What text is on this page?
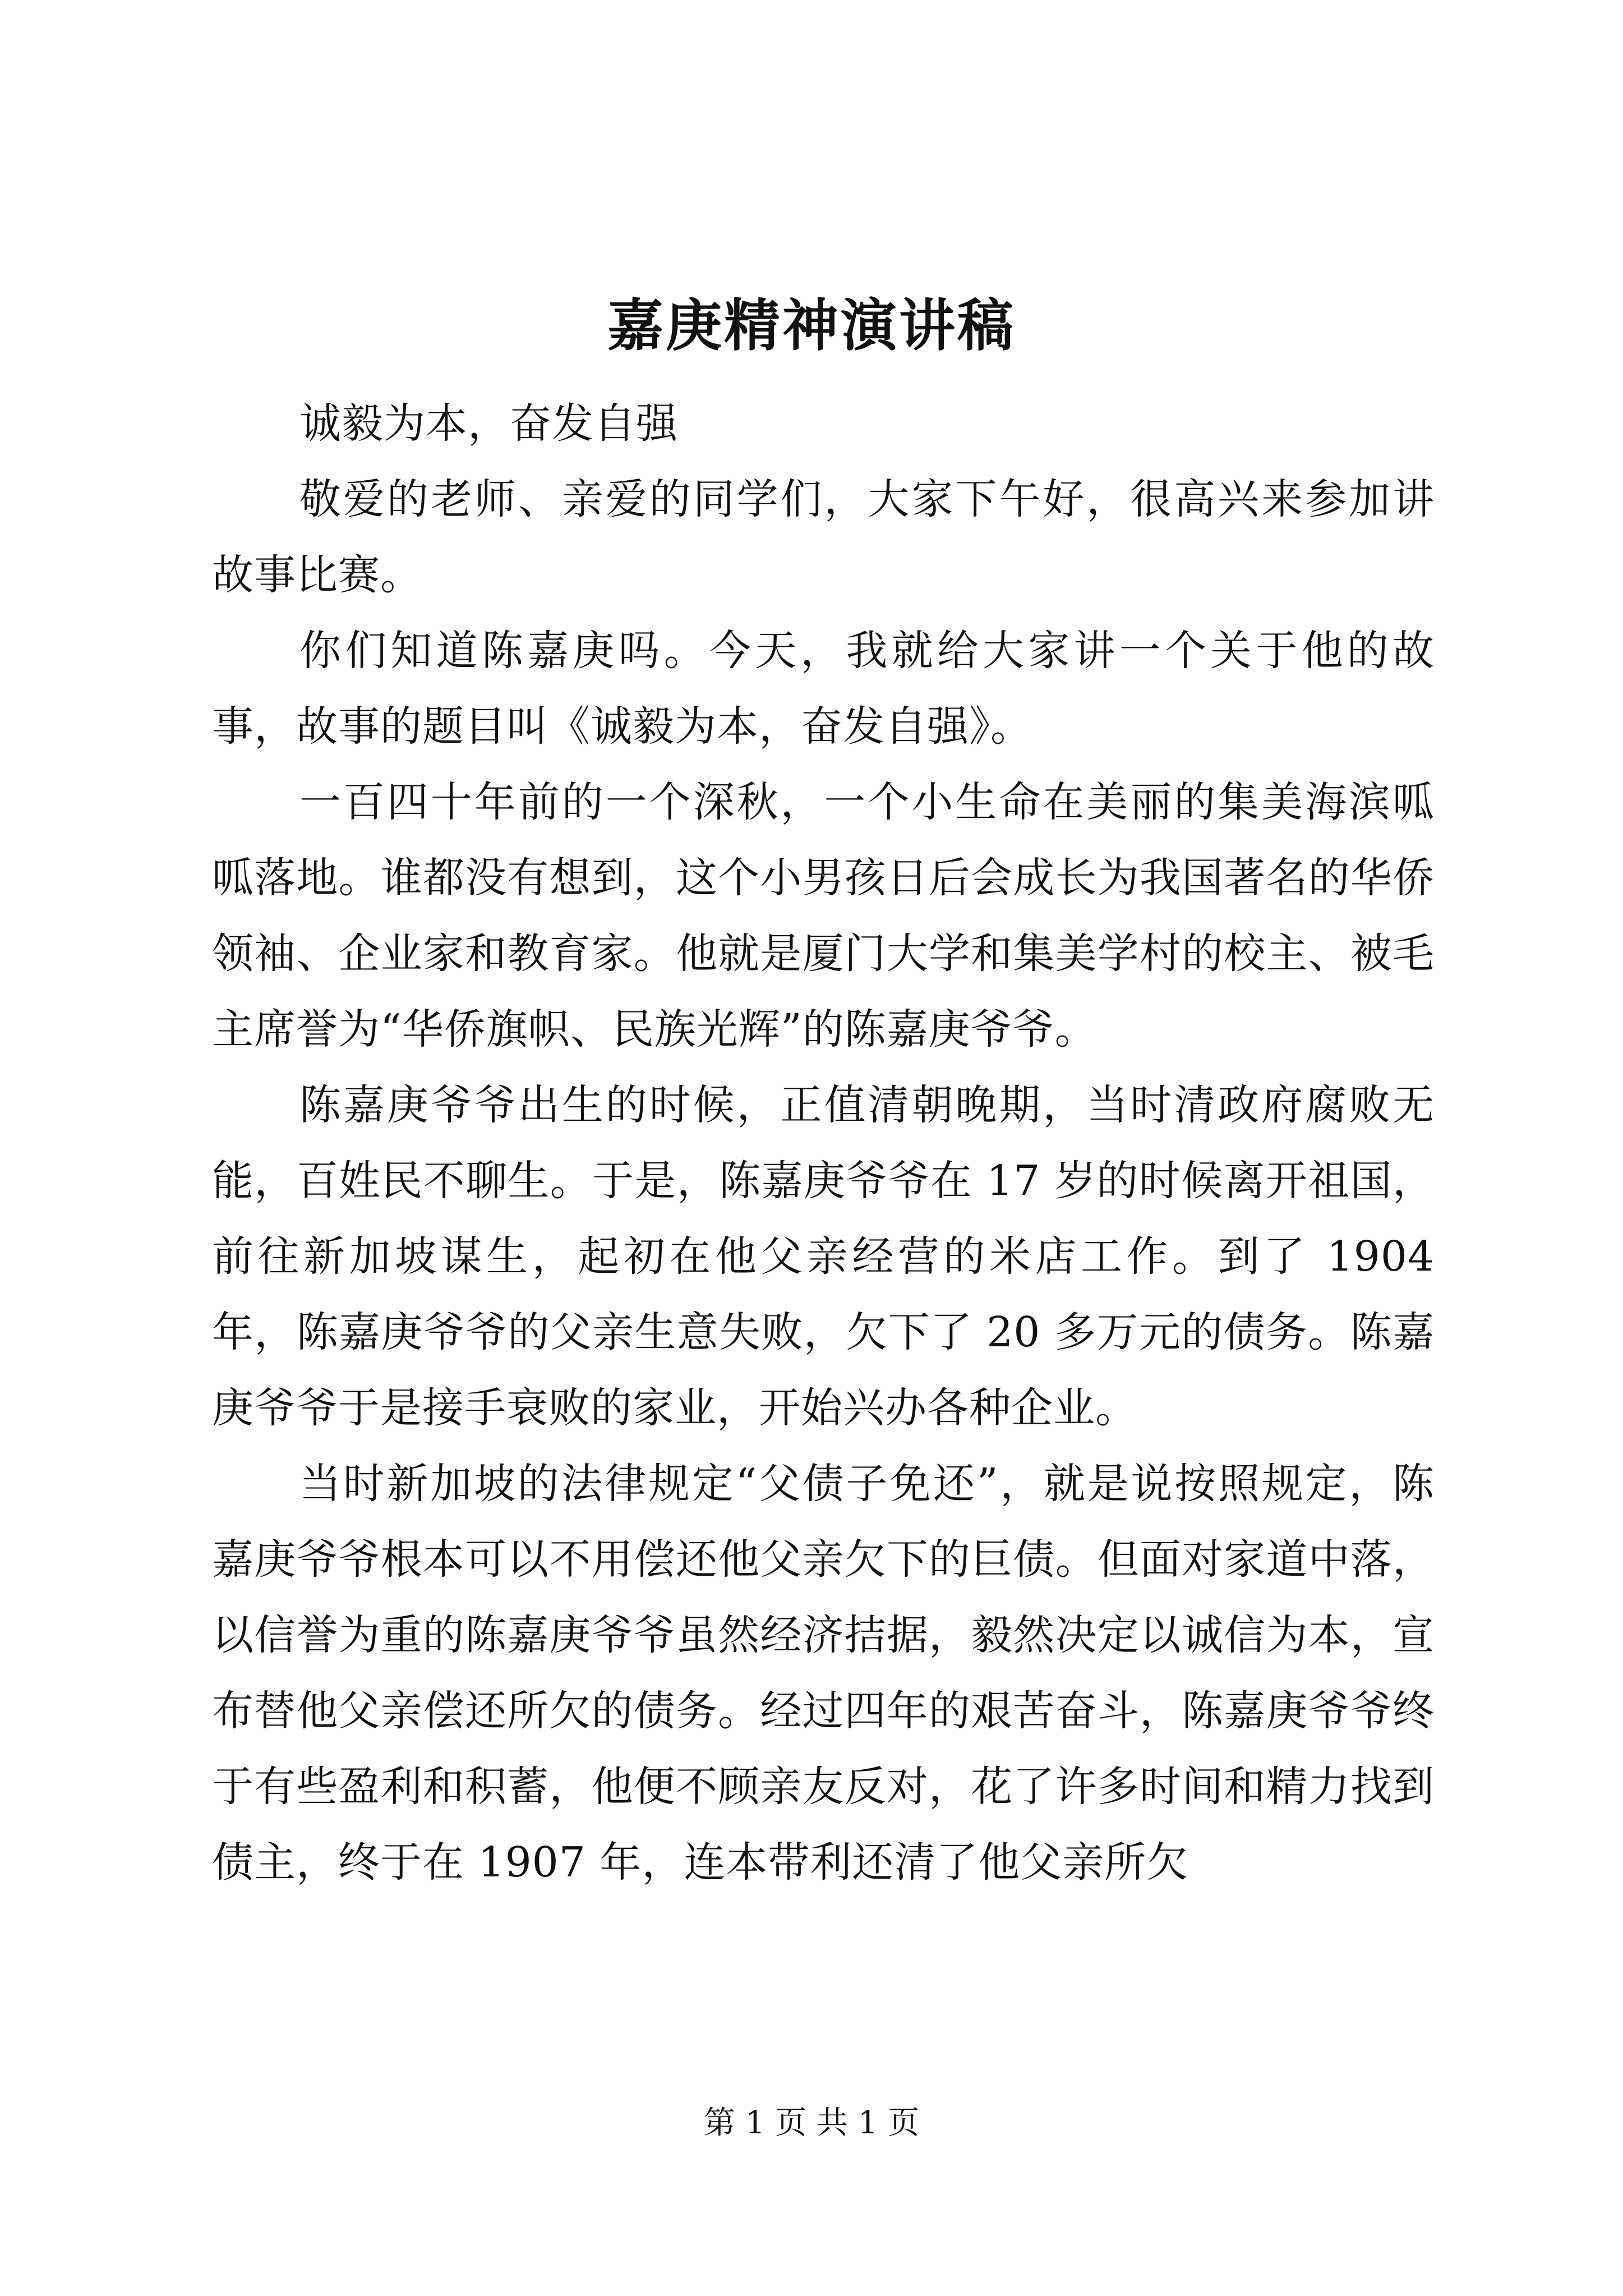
嘉庚精神演讲稿

诚毅为本，奋发自强

敬爱的老师、亲爱的同学们，大家下午好，很高兴来参加讲故事比赛。

你们知道陈嘉庚吗。今天，我就给大家讲一个关于他的故事，故事的题目叫《诚毅为本，奋发自强》。

一百四十年前的一个深秋，一个小生命在美丽的集美海滨呱呱落地。谁都没有想到，这个小男孩日后会成长为我国著名的华侨领袖、企业家和教育家。他就是厦门大学和集美学村的校主、被毛主席誉为“华侨旗帜、民族光辉”的陈嘉庚爷爷。

陈嘉庚爷爷出生的时候，正值清朝晚期，当时清政府腐败无能，百姓民不聊生。于是，陈嘉庚爷爷在 17 岁的时候离开祖国，前往新加坡谋生，起初在他父亲经营的米店工作。到了 1904 年，陈嘉庚爷爷的父亲生意失败，欠下了 20 多万元的债务。陈嘉庚爷爷于是接手衰败的家业，开始兴办各种企业。

当时新加坡的法律规定“父债子免还”，就是说按照规定，陈嘉庚爷爷根本可以不用偿还他父亲欠下的巨债。但面对家道中落，以信誉为重的陈嘉庚爷爷虽然经济拮据，毅然决定以诚信为本，宣布替他父亲偿还所欠的债务。经过四年的艰苦奋斗，陈嘉庚爷爷终于有些盈利和积蓄，他便不顾亲友反对，花了许多时间和精力找到债主，终于在 1907 年，连本带利还清了他父亲所欠

第 1 页 共 1 页
